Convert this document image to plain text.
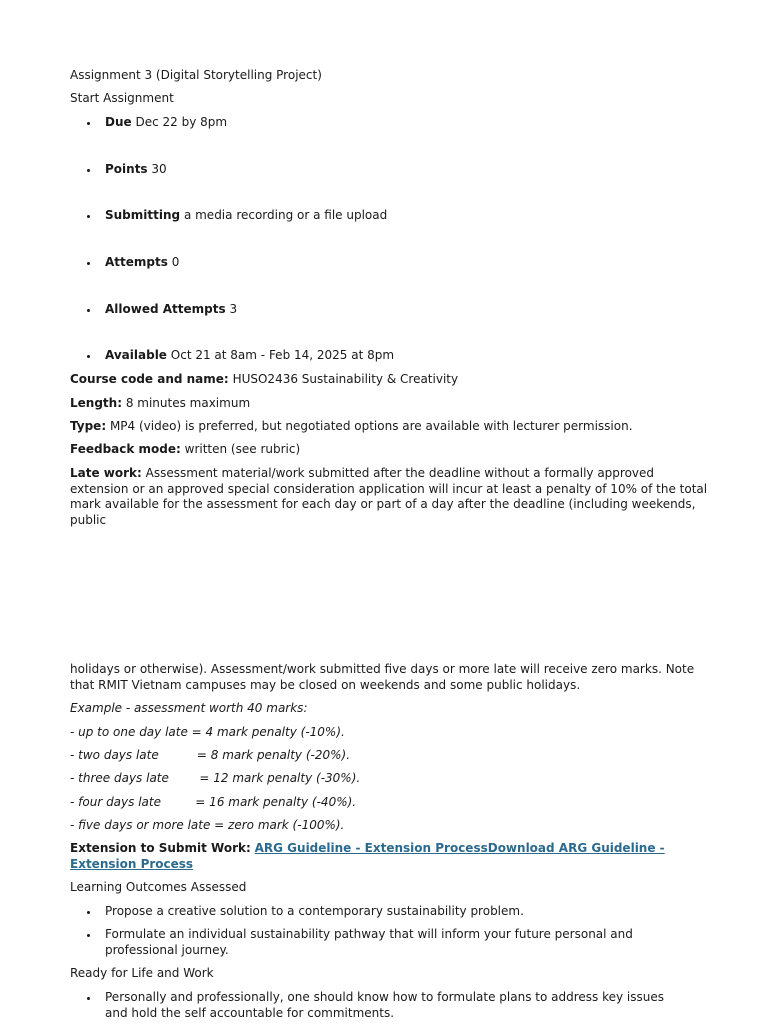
Assignment 3 (Digital Storytelling Project)

Start Assignment

Due Dec 22 by 8pm

Points 30

Submitting a media recording or a file upload

Attempts 0

Allowed Attempts 3

Available Oct 21 at 8am - Feb 14, 2025 at 8pm

Course code and name: HUSO2436 Sustainability & Creativity

Length: 8 minutes maximum

Type: MP4 (video) is preferred, but negotiated options are available with lecturer permission.

Feedback mode: written (see rubric)

Late work: Assessment material/work submitted after the deadline without a formally approved extension or an approved special consideration application will incur at least a penalty of 10% of the total mark available for the assessment for each day or part of a day after the deadline (including weekends, public

holidays or otherwise). Assessment/work submitted five days or more late will receive zero marks. Note that RMIT Vietnam campuses may be closed on weekends and some public holidays.

Example - assessment worth 40 marks:

- up to one day late = 4 mark penalty (-10%).

- two days late          = 8 mark penalty (-20%).

- three days late        = 12 mark penalty (-30%).

- four days late         = 16 mark penalty (-40%).

- five days or more late = zero mark (-100%).

Extension to Submit Work: ARG Guideline - Extension ProcessDownload ARG Guideline - Extension Process

Learning Outcomes Assessed

Propose a creative solution to a contemporary sustainability problem.

Formulate an individual sustainability pathway that will inform your future personal and professional journey.

Ready for Life and Work

Personally and professionally, one should know how to formulate plans to address key issues and hold the self accountable for commitments.
